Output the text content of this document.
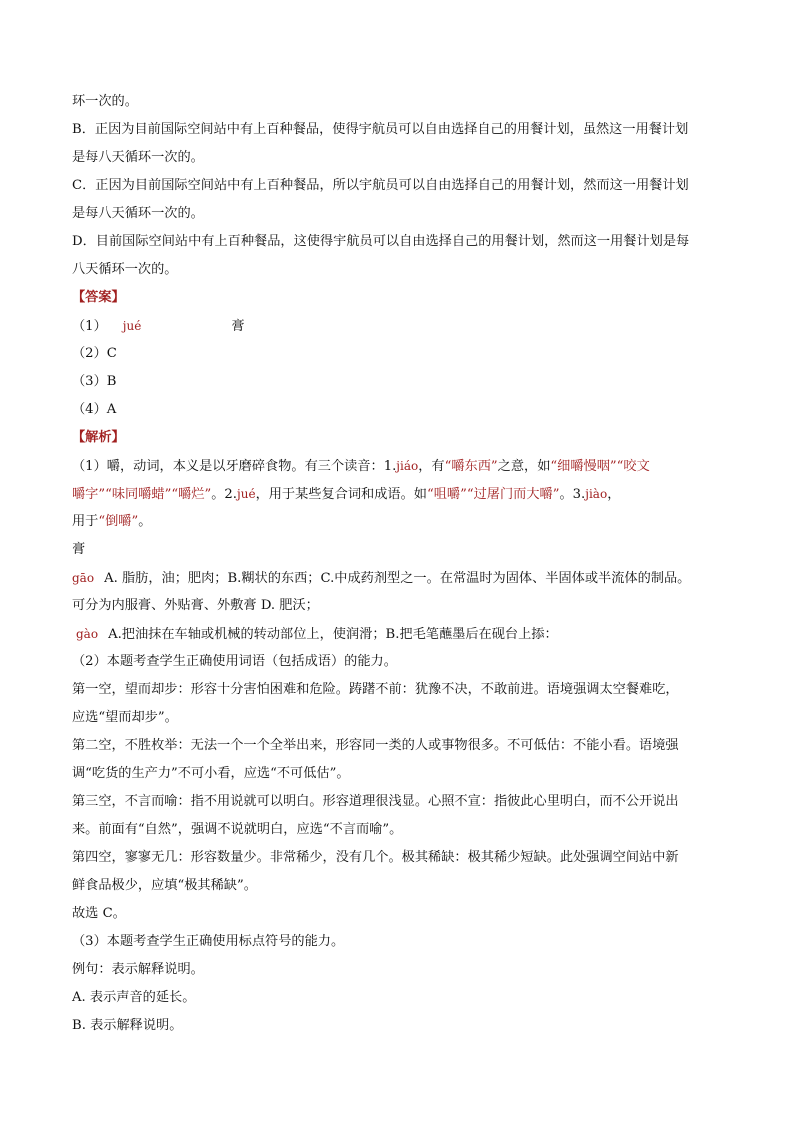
环一次的。
B．正因为目前国际空间站中有上百种餐品，使得宇航员可以自由选择自己的用餐计划，虽然这一用餐计划
是每八天循环一次的。
C．正因为目前国际空间站中有上百种餐品，所以宇航员可以自由选择自己的用餐计划，然而这一用餐计划
是每八天循环一次的。
D．目前国际空间站中有上百种餐品，这使得宇航员可以自由选择自己的用餐计划，然而这一用餐计划是每
八天循环一次的。
【答案】
（1） jué	膏
（2）C
（3）B
（4）A
【解析】
（1）嚼，动词，本义是以牙磨碎食物。有三个读音：1.jiáo，有“嚼东西”之意，如“细嚼慢咽”“咬文
嚼字”“味同嚼蜡”“嚼烂”。2.jué，用于某些复合词和成语。如“咀嚼”“过屠门而大嚼”。3.jiào，
用于“倒嚼”。
膏
gāo A. 脂肪，油；肥肉；B.糊状的东西；C.中成药剂型之一。在常温时为固体、半固体或半流体的制品。
可分为内服膏、外贴膏、外敷膏 D. 肥沃；
gào A.把油抹在车轴或机械的转动部位上，使润滑；B.把毛笔蘸墨后在砚台上掭：
（2）本题考查学生正确使用词语（包括成语）的能力。
第一空，望而却步：形容十分害怕困难和危险。踌躇不前：犹豫不决，不敢前进。语境强调太空餐难吃，
应选“望而却步”。
第二空，不胜枚举：无法一个一个全举出来，形容同一类的人或事物很多。不可低估：不能小看。语境强
调“吃货的生产力”不可小看，应选“不可低估”。
第三空，不言而喻：指不用说就可以明白。形容道理很浅显。心照不宣：指彼此心里明白，而不公开说出
来。前面有“自然”，强调不说就明白，应选“不言而喻”。
第四空，寥寥无几：形容数量少。非常稀少，没有几个。极其稀缺：极其稀少短缺。此处强调空间站中新
鲜食品极少，应填“极其稀缺”。
故选 C。
（3）本题考查学生正确使用标点符号的能力。
例句：表示解释说明。
A. 表示声音的延长。
B. 表示解释说明。
